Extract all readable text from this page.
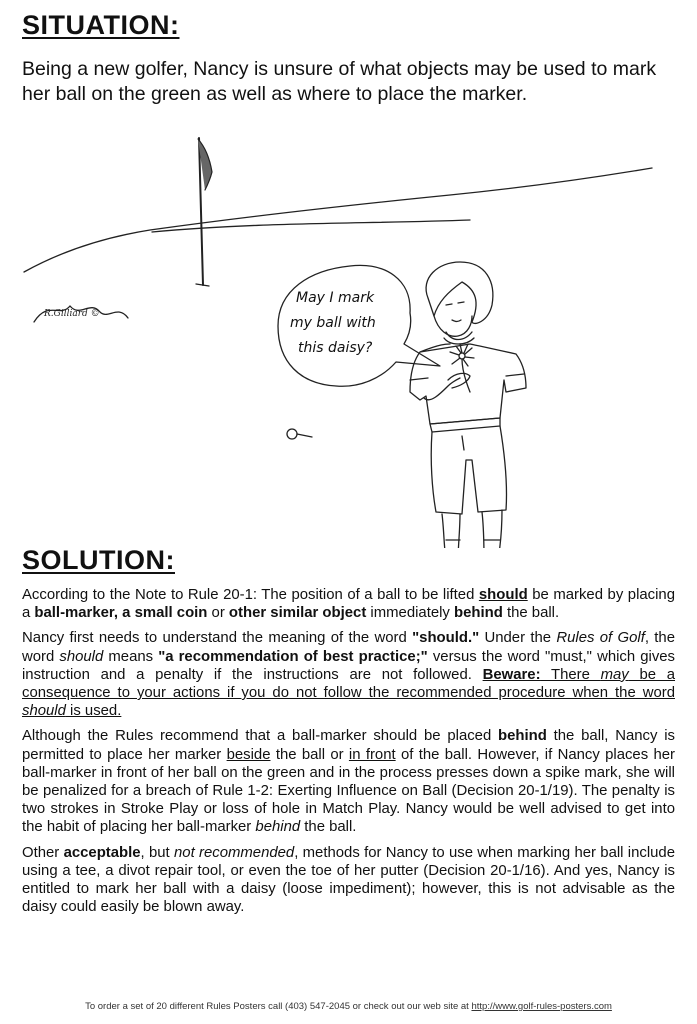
SITUATION:

Being a new golfer, Nancy is unsure of what objects may be used to mark her ball on the green as well as where to place the marker.

May I mark
my ball with
this daisy?
R.Gilliard ©
SOLUTION:

According to the Note to Rule 20-1: The position of a ball to be lifted should be marked by placing a ball-marker, a small coin or other similar object immediately behind the ball.

Nancy first needs to understand the meaning of the word "should." Under the Rules of Golf, the word should means "a recommendation of best practice;" versus the word "must," which gives instruction and a penalty if the instructions are not followed. Beware: There may be a consequence to your actions if you do not follow the recommended procedure when the word should is used.

Although the Rules recommend that a ball-marker should be placed behind the ball, Nancy is permitted to place her marker beside the ball or in front of the ball. However, if Nancy places her ball-marker in front of her ball on the green and in the process presses down a spike mark, she will be penalized for a breach of Rule 1-2: Exerting Influence on Ball (Decision 20-1/19). The penalty is two strokes in Stroke Play or loss of hole in Match Play. Nancy would be well advised to get into the habit of placing her ball-marker behind the ball.

Other acceptable, but not recommended, methods for Nancy to use when marking her ball include using a tee, a divot repair tool, or even the toe of her putter (Decision 20-1/16). And yes, Nancy is entitled to mark her ball with a daisy (loose impediment); however, this is not advisable as the daisy could easily be blown away.

To order a set of 20 different Rules Posters call (403) 547-2045 or check out our web site at http://www.golf-rules-posters.com
